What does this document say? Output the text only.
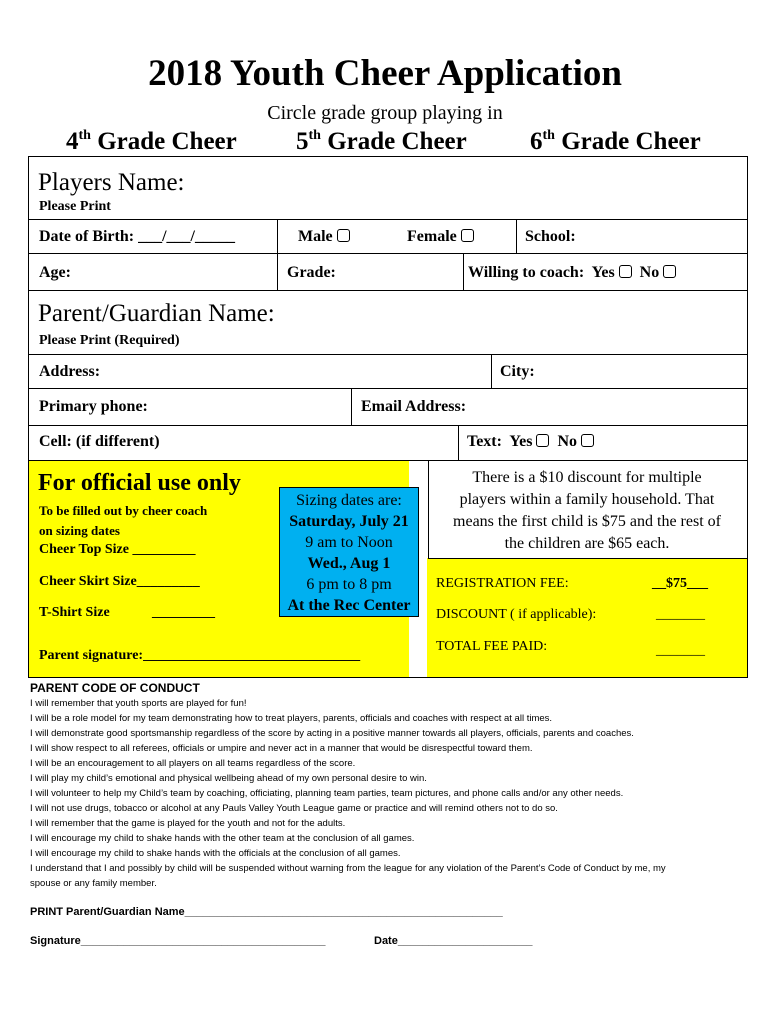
2018 Youth Cheer Application
Circle grade group playing in
4th Grade Cheer 5th Grade Cheer	6th Grade Cheer
Players Name:
Please Print
Date of Birth: ___/___/_____	Male	Female	School:
Age:	Grade:	Willing to coach: Yes No
Parent/Guardian Name:
Please Print (Required)
Address:	City:
Primary phone:	Email Address:
Cell: (if different)	Text: Yes No
For official use only
To be filled out by cheer coach
on sizing dates
Cheer Top Size _________
Cheer Skirt Size_________
T-Shirt Size	_________
Parent signature:_______________________________
Sizing dates are:
Saturday, July 21
9 am to Noon
Wed., Aug 1
6 pm to 8 pm
At the Rec Center
There is a $10 discount for multiple
players within a family household. That
means the first child is $75 and the rest of
the children are $65 each.
REGISTRATION FEE:	__$75___
DISCOUNT ( if applicable):	_______
TOTAL FEE PAID:	_______
PARENT CODE OF CONDUCT
I will remember that youth sports are played for fun!
I will be a role model for my team demonstrating how to treat players, parents, officials and coaches with respect at all times.
I will demonstrate good sportsmanship regardless of the score by acting in a positive manner towards all players, officials, parents and coaches.
I will show respect to all referees, officials or umpire and never act in a manner that would be disrespectful toward them.
I will be an encouragement to all players on all teams regardless of the score.
I will play my child’s emotional and physical wellbeing ahead of my own personal desire to win.
I will volunteer to help my Child’s team by coaching, officiating, planning team parties, team pictures, and phone calls and/or any other needs.
I will not use drugs, tobacco or alcohol at any Pauls Valley Youth League game or practice and will remind others not to do so.
I will remember that the game is played for the youth and not for the adults.
I will encourage my child to shake hands with the other team at the conclusion of all games.
I will encourage my child to shake hands with the officials at the conclusion of all games.
I understand that I and possibly by child will be suspended without warning from the league for any violation of the Parent’s Code of Conduct by me, my
spouse or any family member.
PRINT Parent/Guardian Name____________________________________________________
Signature________________________________________	Date______________________
